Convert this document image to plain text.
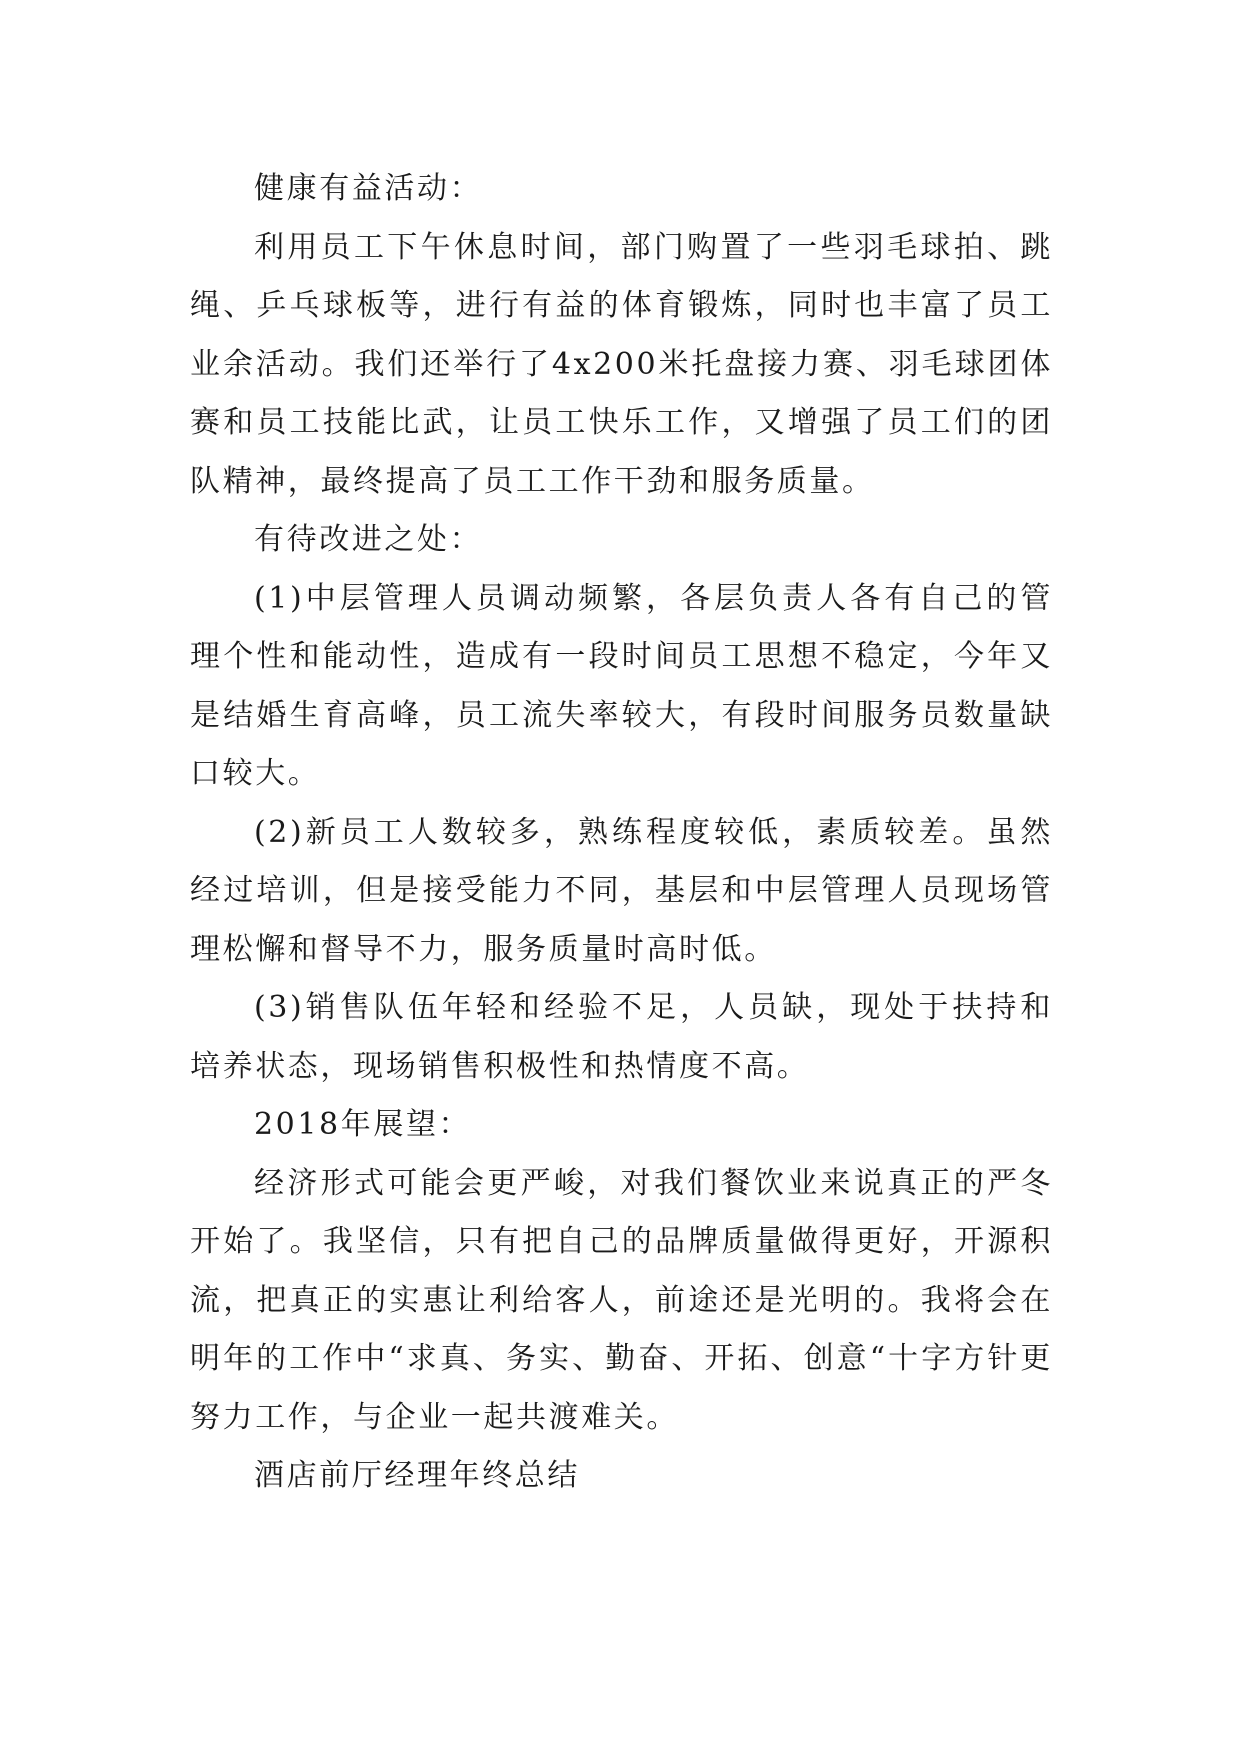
健康有益活动：

利用员工下午休息时间，部门购置了一些羽毛球拍、跳绳、乒乓球板等，进行有益的体育锻炼，同时也丰富了员工业余活动。我们还举行了4x200米托盘接力赛、羽毛球团体赛和员工技能比武，让员工快乐工作，又增强了员工们的团队精神，最终提高了员工工作干劲和服务质量。

有待改进之处：

(1)中层管理人员调动频繁，各层负责人各有自己的管理个性和能动性，造成有一段时间员工思想不稳定，今年又是结婚生育高峰，员工流失率较大，有段时间服务员数量缺口较大。

(2)新员工人数较多，熟练程度较低，素质较差。虽然经过培训，但是接受能力不同，基层和中层管理人员现场管理松懈和督导不力，服务质量时高时低。

(3)销售队伍年轻和经验不足，人员缺，现处于扶持和培养状态，现场销售积极性和热情度不高。

2018年展望：

经济形式可能会更严峻，对我们餐饮业来说真正的严冬开始了。我坚信，只有把自己的品牌质量做得更好，开源积流，把真正的实惠让利给客人，前途还是光明的。我将会在明年的工作中“求真、务实、勤奋、开拓、创意“十字方针更努力工作，与企业一起共渡难关。

酒店前厅经理年终总结
